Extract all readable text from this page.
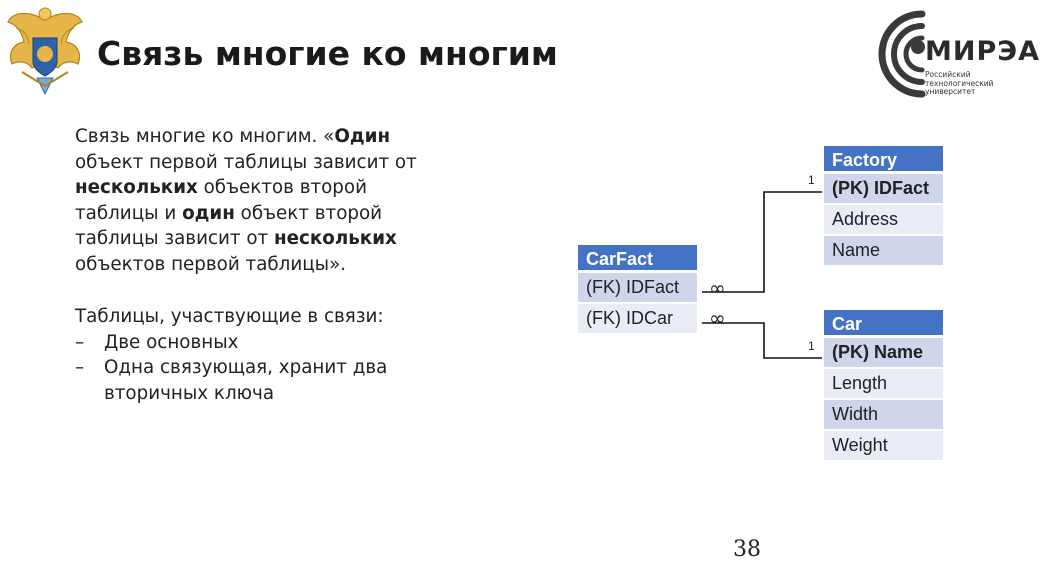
Связь многие ко многим	МИРЭА
Российский
технологический
университет
Связь многие ко многим. «Один объект первой таблицы зависит от нескольких объектов второй таблицы и один объект второй таблицы зависит от нескольких объектов первой таблицы».
Таблицы, участвующие в связи:
– Две основных
– Одна связующая, хранит два вторичных ключа
1
1
∞
∞
Factory
(PK) IDFact
Address
Name
CarFact
(FK) IDFact
(FK) IDCar	Car
(PK) Name
Length
Width
Weight
38
